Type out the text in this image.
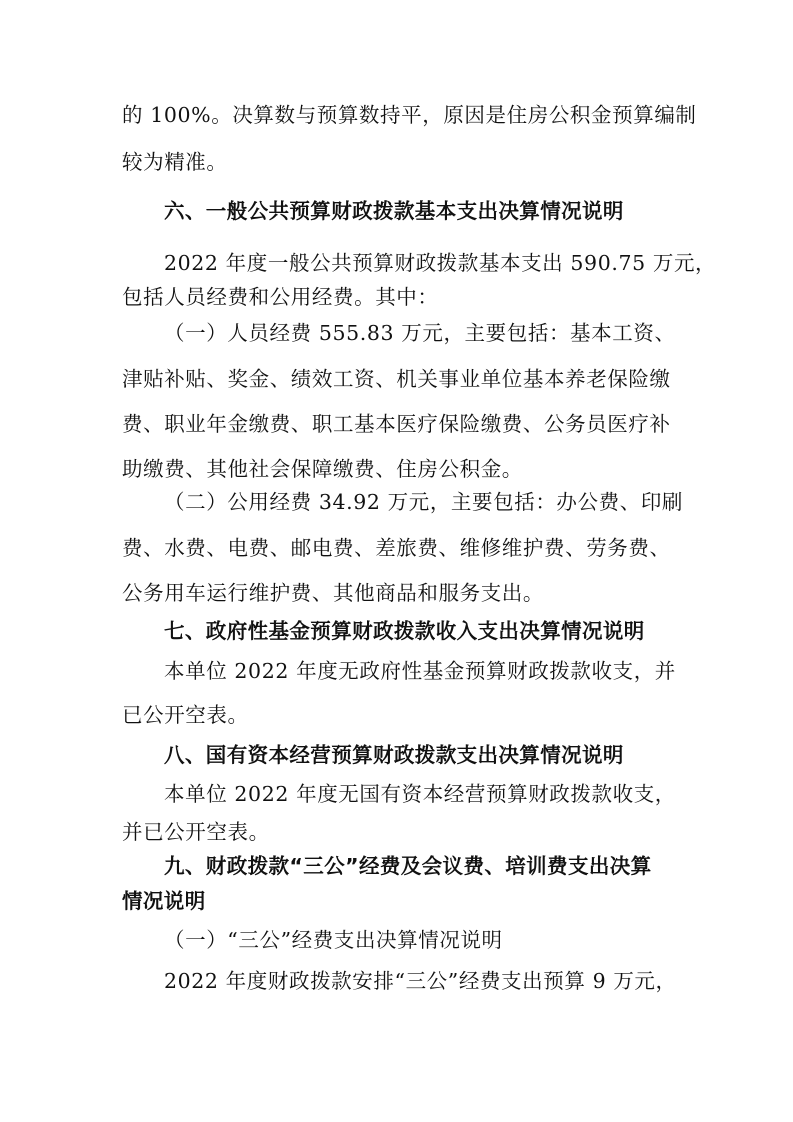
的 100%。决算数与预算数持平，原因是住房公积金预算编制
较为精准。
六、一般公共预算财政拨款基本支出决算情况说明
2022 年度一般公共预算财政拨款基本支出 590.75 万元，
包括人员经费和公用经费。其中：
（一）人员经费 555.83 万元，主要包括：基本工资、
津贴补贴、奖金、绩效工资、机关事业单位基本养老保险缴
费、职业年金缴费、职工基本医疗保险缴费、公务员医疗补
助缴费、其他社会保障缴费、住房公积金。
（二）公用经费 34.92 万元，主要包括：办公费、印刷
费、水费、电费、邮电费、差旅费、维修维护费、劳务费、
公务用车运行维护费、其他商品和服务支出。
七、政府性基金预算财政拨款收入支出决算情况说明
本单位 2022 年度无政府性基金预算财政拨款收支，并
已公开空表。
八、国有资本经营预算财政拨款支出决算情况说明
本单位 2022 年度无国有资本经营预算财政拨款收支，
并已公开空表。
九、财政拨款“三公”经费及会议费、培训费支出决算
情况说明
（一）“三公”经费支出决算情况说明
2022 年度财政拨款安排“三公”经费支出预算 9 万元，
